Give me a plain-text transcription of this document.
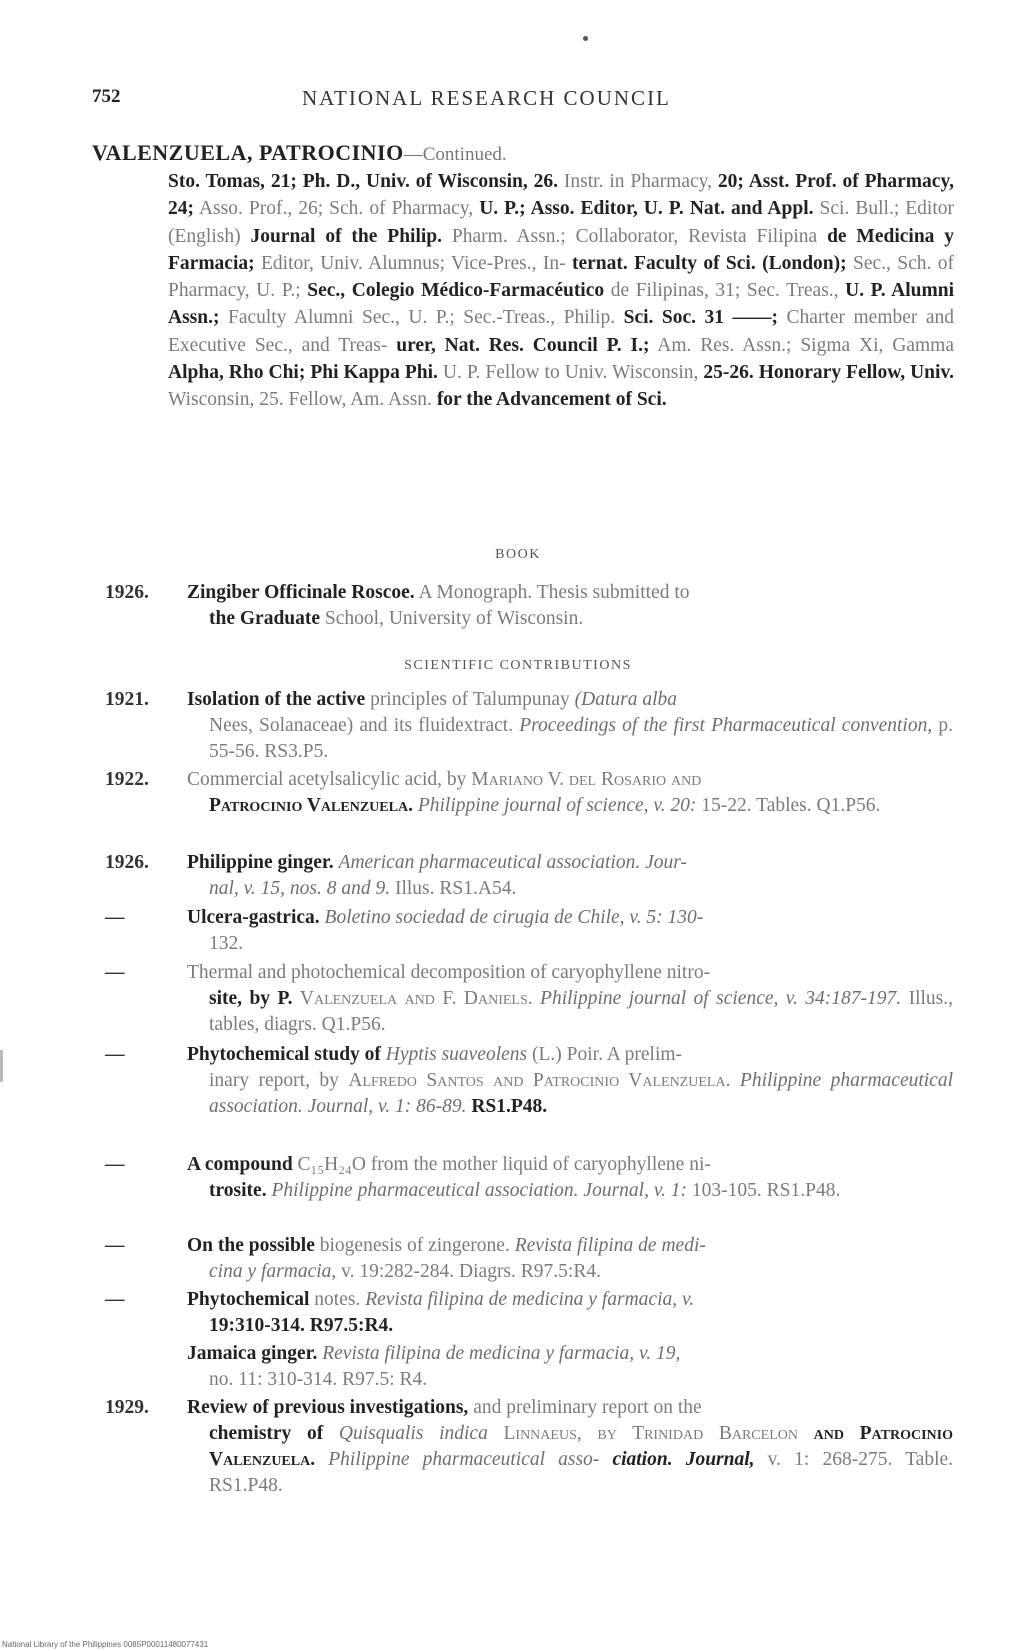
752	NATIONAL RESEARCH COUNCIL
VALENZUELA, PATROCINIO—Continued.
Sto. Tomas, 21; Ph. D., Univ. of Wisconsin, 26. Instr. in Pharmacy, 20; Asst. Prof. of Pharmacy, 24; Asso. Prof., 26; Sch. of Pharmacy, U. P.; Asso. Editor, U. P. Nat. and Appl. Sci. Bull.; Editor (English) Journal of the Philip. Pharm. Assn.; Collaborator, Revista Filipina de Medicina y Farmacia; Editor, Univ. Alumnus; Vice-Pres., In- ternat. Faculty of Sci. (London); Sec., Sch. of Pharmacy, U. P.; Sec., Colegio Médico-Farmacéutico de Filipinas, 31; Sec. Treas., U. P. Alumni Assn.; Faculty Alumni Sec., U. P.; Sec.-Treas., Philip. Sci. Soc. 31 ——; Charter member and Executive Sec., and Treas- urer, Nat. Res. Council P. I.; Am. Res. Assn.; Sigma Xi, Gamma Alpha, Rho Chi; Phi Kappa Phi. U. P. Fellow to Univ. Wisconsin, 25-26. Honorary Fellow, Univ. Wisconsin, 25. Fellow, Am. Assn. for the Advancement of Sci.
BOOK
1926.	Zingiber Officinale Roscoe. A Monograph. Thesis submitted to
the Graduate School, University of Wisconsin.
SCIENTIFIC CONTRIBUTIONS
1921.	Isolation of the active principles of Talumpunay (Datura alba
Nees, Solanaceae) and its fluidextract. Proceedings of the first Pharmaceutical convention, p. 55-56. RS3.P5.
1922.	Commercial acetylsalicylic acid, by Mariano V. del Rosario and
Patrocinio Valenzuela. Philippine journal of science, v. 20: 15-22. Tables. Q1.P56.
1926.	Philippine ginger. American pharmaceutical association. Jour-
nal, v. 15, nos. 8 and 9. Illus. RS1.A54.
—	Ulcera-gastrica. Boletino sociedad de cirugia de Chile, v. 5: 130-
132.
—	Thermal and photochemical decomposition of caryophyllene nitro-
site, by P. Valenzuela and F. Daniels. Philippine journal of science, v. 34:187-197. Illus., tables, diagrs. Q1.P56.
—	Phytochemical study of Hyptis suaveolens (L.) Poir. A prelim-
inary report, by Alfredo Santos and Patrocinio Valenzuela. Philippine pharmaceutical association. Journal, v. 1: 86-89. RS1.P48.
—	A compound C₁₅H₂₄O from the mother liquid of caryophyllene ni-
trosite. Philippine pharmaceutical association. Journal, v. 1: 103-105. RS1.P48.
—	On the possible biogenesis of zingerone. Revista filipina de medi-
cina y farmacia, v. 19:282-284. Diagrs. R97.5:R4.
—	Phytochemical notes. Revista filipina de medicina y farmacia, v.
19:310-314. R97.5:R4.
Jamaica ginger. Revista filipina de medicina y farmacia, v. 19,
no. 11: 310-314. R97.5: R4.
1929.	Review of previous investigations, and preliminary report on the
chemistry of Quisqualis indica Linnaeus, by Trinidad Barcelon and Patrocinio Valenzuela. Philippine pharmaceutical asso- ciation. Journal, v. 1: 268-275. Table. RS1.P48.
National Library of the Philippines 0085P00011480077431
